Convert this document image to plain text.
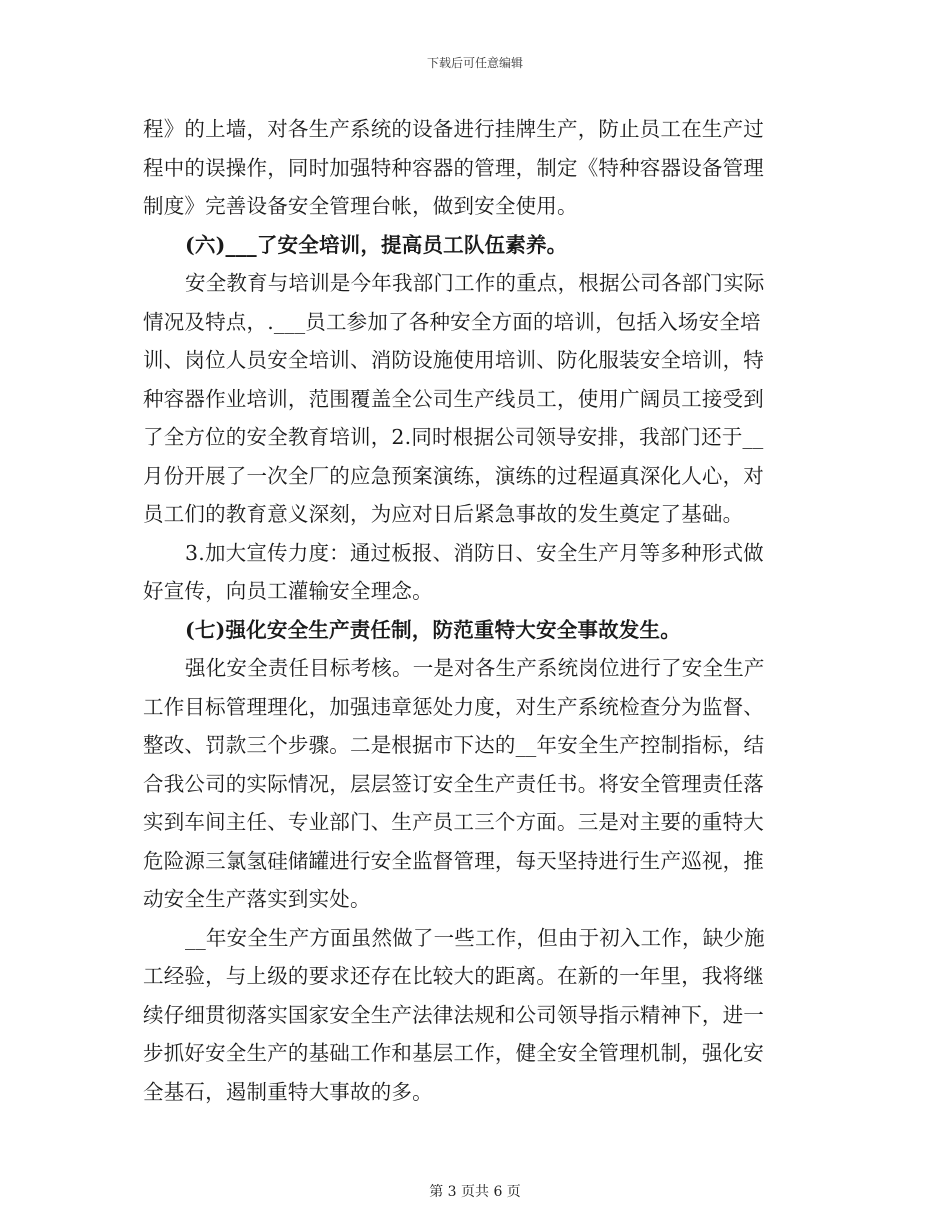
下载后可任意编辑
程》的上墙，对各生产系统的设备进行挂牌生产，防止员工在生产过
程中的误操作，同时加强特种容器的管理，制定《特种容器设备管理
制度》完善设备安全管理台帐，做到安全使用。
(六)___了安全培训，提高员工队伍素养。
安全教育与培训是今年我部门工作的重点，根据公司各部门实际
情况及特点，.___员工参加了各种安全方面的培训，包括入场安全培
训、岗位人员安全培训、消防设施使用培训、防化服装安全培训，特
种容器作业培训，范围覆盖全公司生产线员工，使用广阔员工接受到
了全方位的安全教育培训，2.同时根据公司领导安排，我部门还于__
月份开展了一次全厂的应急预案演练，演练的过程逼真深化人心，对
员工们的教育意义深刻，为应对日后紧急事故的发生奠定了基础。
3.加大宣传力度：通过板报、消防日、安全生产月等多种形式做
好宣传，向员工灌输安全理念。
(七)强化安全生产责任制，防范重特大安全事故发生。
强化安全责任目标考核。一是对各生产系统岗位进行了安全生产
工作目标管理理化，加强违章惩处力度，对生产系统检查分为监督、
整改、罚款三个步骤。二是根据市下达的__年安全生产控制指标，结
合我公司的实际情况，层层签订安全生产责任书。将安全管理责任落
实到车间主任、专业部门、生产员工三个方面。三是对主要的重特大
危险源三氯氢硅储罐进行安全监督管理，每天坚持进行生产巡视，推
动安全生产落实到实处。
__年安全生产方面虽然做了一些工作，但由于初入工作，缺少施
工经验，与上级的要求还存在比较大的距离。在新的一年里，我将继
续仔细贯彻落实国家安全生产法律法规和公司领导指示精神下，进一
步抓好安全生产的基础工作和基层工作，健全安全管理机制，强化安
全基石，遏制重特大事故的多。
第 3 页共 6 页
